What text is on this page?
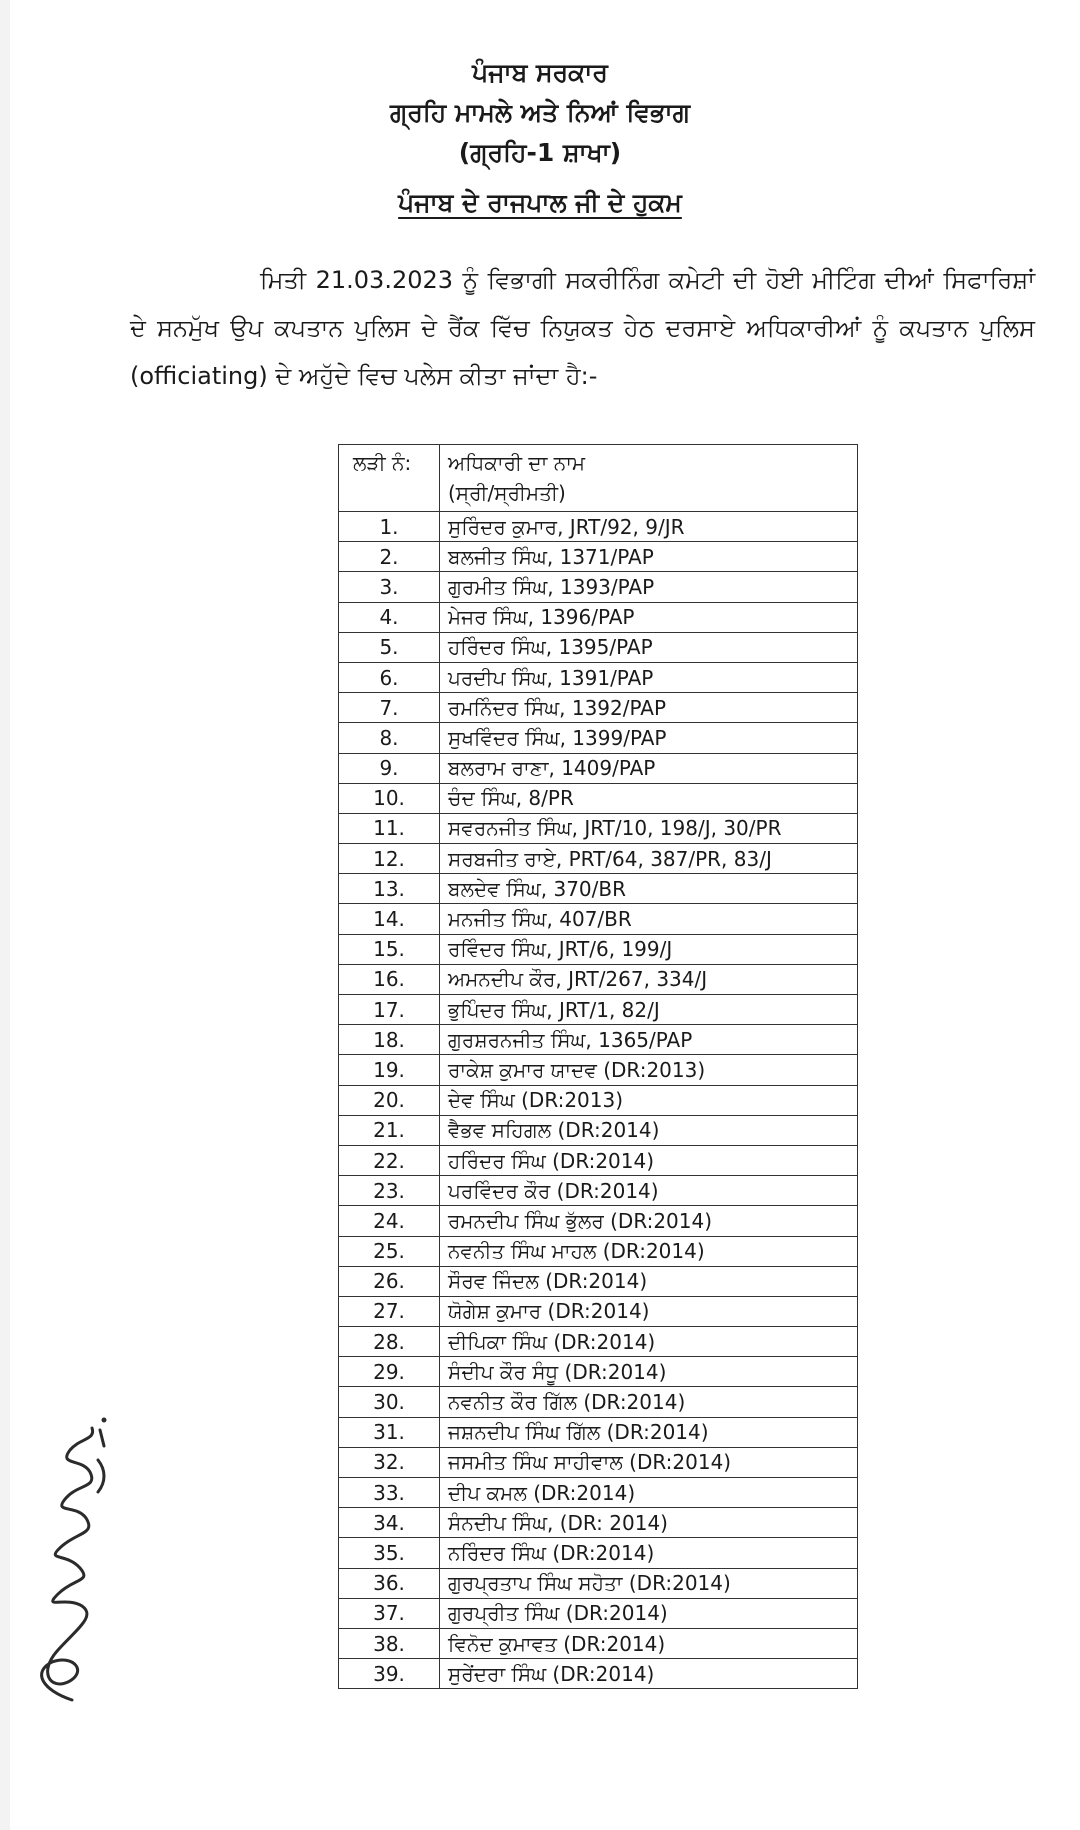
ਪੰਜਾਬ ਸਰਕਾਰ
ਗ੍ਰਹਿ ਮਾਮਲੇ ਅਤੇ ਨਿਆਂ ਵਿਭਾਗ
(ਗ੍ਰਹਿ-1 ਸ਼ਾਖਾ)
ਪੰਜਾਬ ਦੇ ਰਾਜਪਾਲ ਜੀ ਦੇ ਹੁਕਮ
ਮਿਤੀ 21.03.2023 ਨੂੰ ਵਿਭਾਗੀ ਸਕਰੀਨਿੰਗ ਕਮੇਟੀ ਦੀ ਹੋਈ ਮੀਟਿੰਗ ਦੀਆਂ ਸਿਫਾਰਿਸ਼ਾਂ ਦੇ ਸਨਮੁੱਖ ਉਪ ਕਪਤਾਨ ਪੁਲਿਸ ਦੇ ਰੈਂਕ ਵਿੱਚ ਨਿਯੁਕਤ ਹੇਠ ਦਰਸਾਏ ਅਧਿਕਾਰੀਆਂ ਨੂੰ ਕਪਤਾਨ ਪੁਲਿਸ (officiating) ਦੇ ਅਹੁੱਦੇ ਵਿਚ ਪਲੇਸ ਕੀਤਾ ਜਾਂਦਾ ਹੈ:-
ਲੜੀ ਨੰ:	ਅਧਿਕਾਰੀ ਦਾ ਨਾਮ
(ਸ੍ਰੀ/ਸ੍ਰੀਮਤੀ)

1.	ਸੁਰਿੰਦਰ ਕੁਮਾਰ, JRT/92, 9/JR
2.	ਬਲਜੀਤ ਸਿੰਘ, 1371/PAP
3.	ਗੁਰਮੀਤ ਸਿੰਘ, 1393/PAP
4.	ਮੇਜਰ ਸਿੰਘ, 1396/PAP
5.	ਹਰਿੰਦਰ ਸਿੰਘ, 1395/PAP
6.	ਪਰਦੀਪ ਸਿੰਘ, 1391/PAP
7.	ਰਮਨਿੰਦਰ ਸਿੰਘ, 1392/PAP
8.	ਸੁਖਵਿੰਦਰ ਸਿੰਘ, 1399/PAP
9.	ਬਲਰਾਮ ਰਾਣਾ, 1409/PAP
10.	ਚੰਦ ਸਿੰਘ, 8/PR
11.	ਸਵਰਨਜੀਤ ਸਿੰਘ, JRT/10, 198/J, 30/PR
12.	ਸਰਬਜੀਤ ਰਾਏ, PRT/64, 387/PR, 83/J
13.	ਬਲਦੇਵ ਸਿੰਘ, 370/BR
14.	ਮਨਜੀਤ ਸਿੰਘ, 407/BR
15.	ਰਵਿੰਦਰ ਸਿੰਘ, JRT/6, 199/J
16.	ਅਮਨਦੀਪ ਕੌਰ, JRT/267, 334/J
17.	ਭੁਪਿੰਦਰ ਸਿੰਘ, JRT/1, 82/J
18.	ਗੁਰਸ਼ਰਨਜੀਤ ਸਿੰਘ, 1365/PAP
19.	ਰਾਕੇਸ਼ ਕੁਮਾਰ ਯਾਦਵ (DR:2013)
20.	ਦੇਵ ਸਿੰਘ (DR:2013)
21.	ਵੈਭਵ ਸਹਿਗਲ (DR:2014)
22.	ਹਰਿੰਦਰ ਸਿੰਘ (DR:2014)
23.	ਪਰਵਿੰਦਰ ਕੌਰ (DR:2014)
24.	ਰਮਨਦੀਪ ਸਿੰਘ ਭੁੱਲਰ (DR:2014)
25.	ਨਵਨੀਤ ਸਿੰਘ ਮਾਹਲ (DR:2014)
26.	ਸੌਰਵ ਜਿੰਦਲ (DR:2014)
27.	ਯੋਗੇਸ਼ ਕੁਮਾਰ (DR:2014)
28.	ਦੀਪਿਕਾ ਸਿੰਘ (DR:2014)
29.	ਸੰਦੀਪ ਕੌਰ ਸੰਧੂ (DR:2014)
30.	ਨਵਨੀਤ ਕੌਰ ਗਿੱਲ (DR:2014)
31.	ਜਸ਼ਨਦੀਪ ਸਿੰਘ ਗਿੱਲ (DR:2014)
32.	ਜਸਮੀਤ ਸਿੰਘ ਸਾਹੀਵਾਲ (DR:2014)
33.	ਦੀਪ ਕਮਲ (DR:2014)
34.	ਸੰਨਦੀਪ ਸਿੰਘ, (DR: 2014)
35.	ਨਰਿੰਦਰ ਸਿੰਘ (DR:2014)
36.	ਗੁਰਪ੍ਰਤਾਪ ਸਿੰਘ ਸਹੋਤਾ (DR:2014)
37.	ਗੁਰਪ੍ਰੀਤ ਸਿੰਘ (DR:2014)
38.	ਵਿਨੋਦ ਕੁਮਾਵਤ (DR:2014)
39.	ਸੁਰੇਂਦਰਾ ਸਿੰਘ (DR:2014)
